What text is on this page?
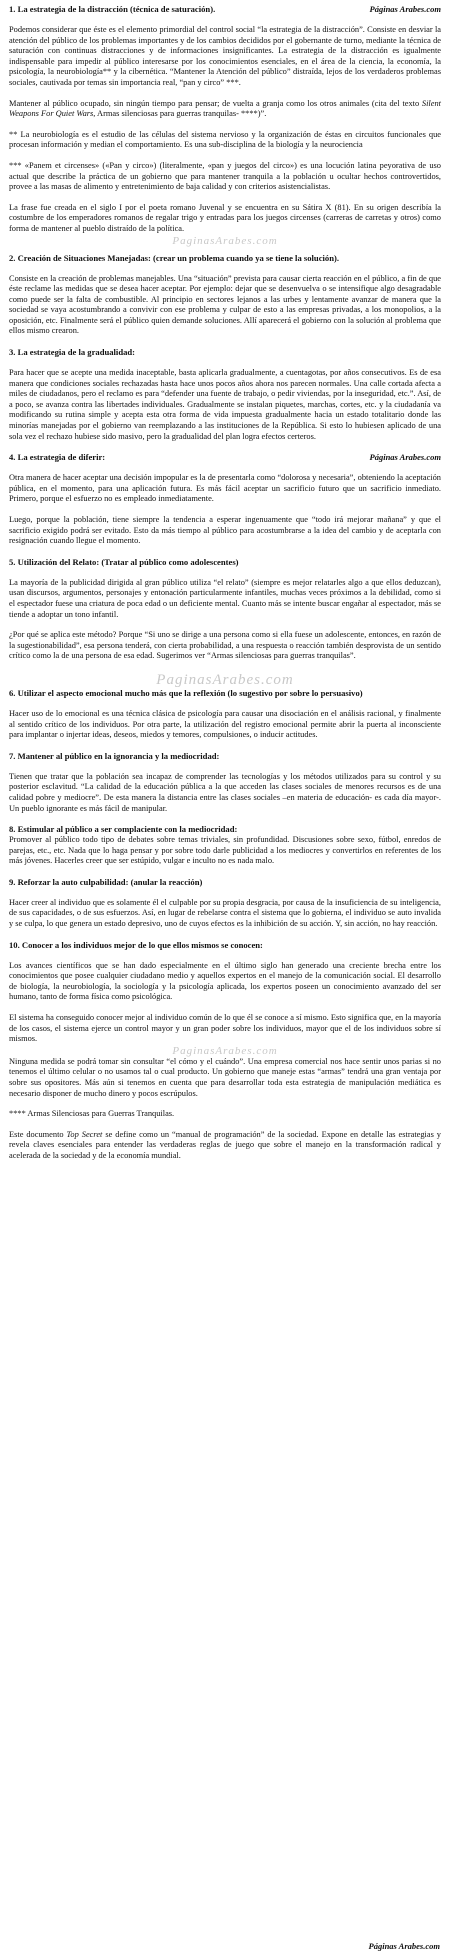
1. La estrategia de la distracción (técnica de saturación).	Páginas Arabes.com

Podemos considerar que éste es el elemento primordial del control social “la estrategia de la distracción”. Consiste en desviar la atención del público de los problemas importantes y de los cambios decididos por el gobernante de turno, mediante la técnica de saturación con continuas distracciones y de informaciones insignificantes. La estrategia de la distracción es igualmente indispensable para impedir al público interesarse por los conocimientos esenciales, en el área de la ciencia, la economía, la psicología, la neurobiología** y la cibernética. “Mantener la Atención del público” distraída, lejos de los verdaderos problemas sociales, cautivada por temas sin importancia real, “pan y circo” ***.

Mantener al público ocupado, sin ningún tiempo para pensar; de vuelta a granja como los otros animales (cita del texto Silent Weapons For Quiet Wars, Armas silenciosas para guerras tranquilas- ****)”.

** La neurobiología es el estudio de las células del sistema nervioso y la organización de éstas en circuitos funcionales que procesan información y median el comportamiento. Es una sub-disciplina de la biología y la neurociencia

*** «Panem et circenses» («Pan y circo») (literalmente, «pan y juegos del circo») es una locución latina peyorativa de uso actual que describe la práctica de un gobierno que para mantener tranquila a la población u ocultar hechos controvertidos, provee a las masas de alimento y entretenimiento de baja calidad y con criterios asistencialistas.

La frase fue creada en el siglo I por el poeta romano Juvenal y se encuentra en su Sátira X (81). En su origen describía la costumbre de los emperadores romanos de regalar trigo y entradas para los juegos circenses (carreras de carretas y otros) como forma de mantener al pueblo distraído de la política.

PaginasArabes.com

2. Creación de Situaciones Manejadas: (crear un problema cuando ya se tiene la solución).

Consiste en la creación de problemas manejables. Una “situación” prevista para causar cierta reacción en el público, a fin de que éste reclame las medidas que se desea hacer aceptar. Por ejemplo: dejar que se desenvuelva o se intensifique algo desagradable como puede ser la falta de combustible. Al principio en sectores lejanos a las urbes y lentamente avanzar de manera que la sociedad se vaya acostumbrando a convivir con ese problema y culpar de esto a las empresas privadas, a los monopolios, a la oposición, etc. Finalmente será el público quien demande soluciones. Allí aparecerá el gobierno con la solución al problema que ellos mismo crearon.

3. La estrategia de la gradualidad:

Para hacer que se acepte una medida inaceptable, basta aplicarla gradualmente, a cuentagotas, por años consecutivos. Es de esa manera que condiciones sociales rechazadas hasta hace unos pocos años ahora nos parecen normales. Una calle cortada afecta a miles de ciudadanos, pero el reclamo es para “defender una fuente de trabajo, o pedir viviendas, por la inseguridad, etc.”. Así, de a poco, se avanza contra las libertades individuales. Gradualmente se instalan piquetes, marchas, cortes, etc. y la ciudadanía va modificando su rutina simple y acepta esta otra forma de vida impuesta gradualmente hacia un estado totalitario donde las minorías manejadas por el gobierno van reemplazando a las instituciones de la República. Si esto lo hubiesen aplicado de una sola vez el rechazo hubiese sido masivo, pero la gradualidad del plan logra efectos certeros.

4. La estrategia de diferir:	Páginas Arabes.com

Otra manera de hacer aceptar una decisión impopular es la de presentarla como “dolorosa y necesaria”, obteniendo la aceptación pública, en el momento, para una aplicación futura. Es más fácil aceptar un sacrificio futuro que un sacrificio inmediato. Primero, porque el esfuerzo no es empleado inmediatamente.

Luego, porque la población, tiene siempre la tendencia a esperar ingenuamente que “todo irá mejorar mañana” y que el sacrificio exigido podrá ser evitado. Esto da más tiempo al público para acostumbrarse a la idea del cambio y de aceptarla con resignación cuando llegue el momento.

5. Utilización del Relato: (Tratar al público como adolescentes)

La mayoría de la publicidad dirigida al gran público utiliza “el relato” (siempre es mejor relatarles algo a que ellos deduzcan), usan discursos, argumentos, personajes y entonación particularmente infantiles, muchas veces próximos a la debilidad, como si el espectador fuese una criatura de poca edad o un deficiente mental. Cuanto más se intente buscar engañar al espectador, más se tiende a adoptar un tono infantil.

¿Por qué se aplica este método? Porque “Si uno se dirige a una persona como si ella fuese un adolescente, entonces, en razón de la sugestionabilidad”, esa persona tenderá, con cierta probabilidad, a una respuesta o reacción también desprovista de un sentido crítico como la de una persona de esa edad. Sugerimos ver “Armas silenciosas para guerras tranquilas”.

PaginasArabes.com

6. Utilizar el aspecto emocional mucho más que la reflexión (lo sugestivo por sobre lo persuasivo)

Hacer uso de lo emocional es una técnica clásica de psicología para causar una disociación en el análisis racional, y finalmente al sentido crítico de los individuos. Por otra parte, la utilización del registro emocional permite abrir la puerta al inconsciente para implantar o injertar ideas, deseos, miedos y temores, compulsiones, o inducir actitudes.

7. Mantener al público en la ignorancia y la mediocridad:

Tienen que tratar que la población sea incapaz de comprender las tecnologías y los métodos utilizados para su control y su posterior esclavitud. “La calidad de la educación pública a la que acceden las clases sociales de menores recursos es de una calidad pobre y mediocre”. De esta manera la distancia entre las clases sociales –en materia de educación- es cada día mayor-. Un pueblo ignorante es más fácil de manipular.

8. Estimular al público a ser complaciente con la mediocridad:

Promover al público todo tipo de debates sobre temas triviales, sin profundidad. Discusiones sobre sexo, fútbol, enredos de parejas, etc., etc. Nada que lo haga pensar y por sobre todo darle publicidad a los mediocres y convertirlos en referentes de los más jóvenes. Hacerles creer que ser estúpido, vulgar e inculto no es nada malo.

9. Reforzar la auto culpabilidad: (anular la reacción)

Hacer creer al individuo que es solamente él el culpable por su propia desgracia, por causa de la insuficiencia de su inteligencia, de sus capacidades, o de sus esfuerzos. Así, en lugar de rebelarse contra el sistema que lo gobierna, el individuo se auto invalida y se culpa, lo que genera un estado depresivo, uno de cuyos efectos es la inhibición de su acción. Y, sin acción, no hay reacción.

10. Conocer a los individuos mejor de lo que ellos mismos se conocen:

Los avances científicos que se han dado especialmente en el último siglo han generado una creciente brecha entre los conocimientos que posee cualquier ciudadano medio y aquellos expertos en el manejo de la comunicación social. El desarrollo de biología, la neurobiología, la sociología y la psicología aplicada, los expertos poseen un conocimiento avanzado del ser humano, tanto de forma física como psicológica.

El sistema ha conseguido conocer mejor al individuo común de lo que él se conoce a sí mismo. Esto significa que, en la mayoría de los casos, el sistema ejerce un control mayor y un gran poder sobre los individuos, mayor que el de los individuos sobre sí mismos.

PaginasArabes.com

Ninguna medida se podrá tomar sin consultar “el cómo y el cuándo”. Una empresa comercial nos hace sentir unos parias si no tenemos el último celular o no usamos tal o cual producto. Un gobierno que maneje estas “armas” tendrá una gran ventaja por sobre sus opositores. Más aún si tenemos en cuenta que para desarrollar toda esta estrategia de manipulación mediática es necesario disponer de mucho dinero y pocos escrúpulos.

**** Armas Silenciosas para Guerras Tranquilas.

Este documento Top Secret se define como un “manual de programación” de la sociedad. Expone en detalle las estrategias y revela claves esenciales para entender las verdaderas reglas de juego que sobre el manejo en la transformación radical y acelerada de la sociedad y de la economía mundial.

Páginas Arabes.com
